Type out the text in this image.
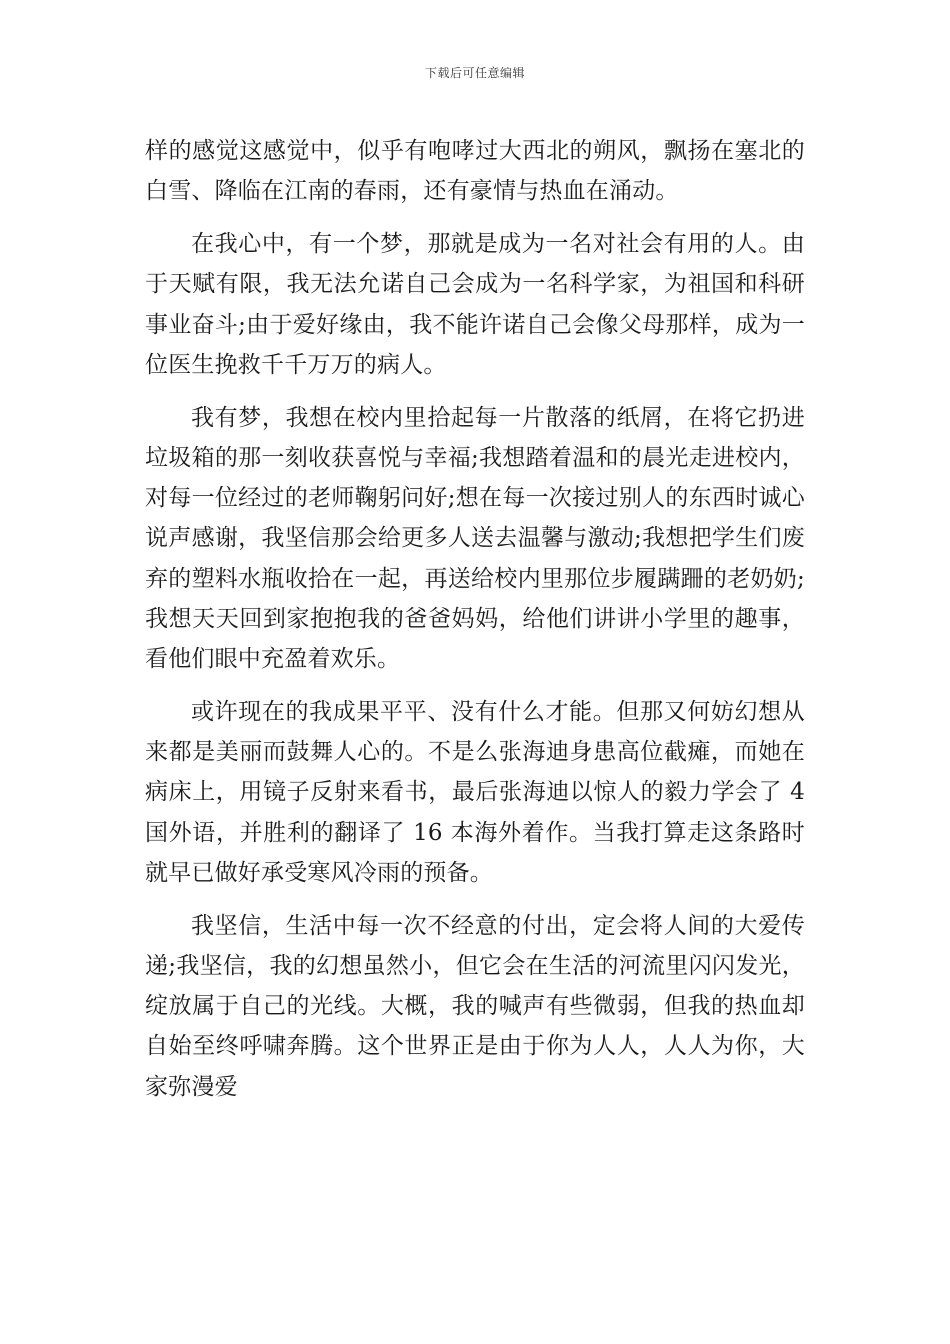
下载后可任意编辑

样的感觉这感觉中，似乎有咆哮过大西北的朔风，飘扬在塞北的白雪、降临在江南的春雨，还有豪情与热血在涌动。

在我心中，有一个梦，那就是成为一名对社会有用的人。由于天赋有限，我无法允诺自己会成为一名科学家，为祖国和科研事业奋斗;由于爱好缘由，我不能许诺自己会像父母那样，成为一位医生挽救千千万万的病人。

我有梦，我想在校内里拾起每一片散落的纸屑，在将它扔进垃圾箱的那一刻收获喜悦与幸福;我想踏着温和的晨光走进校内，对每一位经过的老师鞠躬问好;想在每一次接过别人的东西时诚心说声感谢，我坚信那会给更多人送去温馨与激动;我想把学生们废弃的塑料水瓶收拾在一起，再送给校内里那位步履蹒跚的老奶奶;我想天天回到家抱抱我的爸爸妈妈，给他们讲讲小学里的趣事，看他们眼中充盈着欢乐。

或许现在的我成果平平、没有什么才能。但那又何妨幻想从来都是美丽而鼓舞人心的。不是么张海迪身患高位截瘫，而她在病床上，用镜子反射来看书，最后张海迪以惊人的毅力学会了 4 国外语，并胜利的翻译了 16 本海外着作。当我打算走这条路时就早已做好承受寒风冷雨的预备。

我坚信，生活中每一次不经意的付出，定会将人间的大爱传递;我坚信，我的幻想虽然小，但它会在生活的河流里闪闪发光，绽放属于自己的光线。大概，我的喊声有些微弱，但我的热血却自始至终呼啸奔腾。这个世界正是由于你为人人，人人为你，大家弥漫爱
